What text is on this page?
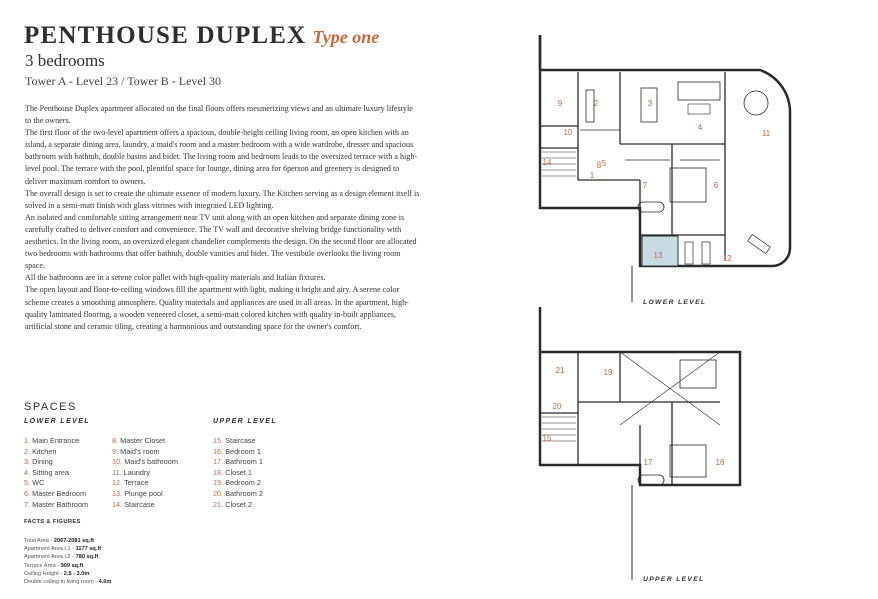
PENTHOUSE DUPLEX Type one
3 bedrooms
Tower A - Level 23 / Tower B - Level 30

The Penthouse Duplex apartment allocated on the final floors offers mesmerizing views and an ultimate luxury lifestyle to the owners.

The first floor of the two-level apartment offers a spacious, double-height ceiling living room, an open kitchen with an island, a separate dining area, laundry, a maid's room and a master bedroom with a wide wardrobe, dresser and spacious bathroom with bathtub, double basins and bidet. The living room and bedroom leads to the oversized terrace with a high-level pool. The terrace with the pool, plentiful space for lounge, dining area for 6person and greenery is designed to deliver maximum comfort to owners.

The overall design is set to create the ultimate essence of modern luxury. The Kitchen serving as a design element itself is solved in a semi-matt finish with glass vitrines with integrated LED lighting.

An isolated and comfortable sitting arrangement near TV unit along with an open kitchen and separate dining zone is carefully crafted to deliver comfort and convenience. The TV wall and decorative shelving bridge functionality with aesthetics. In the living room, an oversized elegant chandelier complements the design. On the second floor are allocated two bedrooms with bathrooms that offer bathtub, double vanities and bidet. The vestibule overlooks the living room space.

All the bathrooms are in a serene color pallet with high-quality materials and Italian fixtures.

The open layout and floor-to-ceiling windows fill the apartment with light, making it bright and airy. A serene color scheme creates a smoothing atmosphere. Quality materials and appliances are used in all areas. In the apartment, high-quality laminated flooring, a wooden veneered closet, a semi-matt colored kitchen with quality in-built appliances, artificial stone and ceramic tiling, creating a harmonious and outstanding space for the owner's comfort.

SPACES
LOWER LEVEL	UPPER LEVEL
1. Main Entrance
2. Kitchen
3. Dining
4. Sitting area
5. WC
6. Master Bedroom
7. Master Bathroom
8. Master Closet
9. Maid's room
10. Maid's bathroom
11. Laundry
12. Terrace
13. Plunge pool
14. Staircase
15. Staircase
16. Bedroom 1
17. Bathroom 1
18. Closet 1
19. Bedroom 2
20. Bathroom 2
21. Closet 2
FACTS & FIGURES
Total Area - 2067-2081 sq.ft
Apartment Area L1 - 1177 sq.ft
Apartment Area L2 - 780 sq.ft
Terrace Area - 909 sq.ft
Ceiling Height - 2.5 - 3.0m
Double ceiling in living room - 4.6m
9	2	3
4
11
10
14	5
8
1
7	6
13	12
LOWER LEVEL
21	19
20
15
17	16
UPPER LEVEL
